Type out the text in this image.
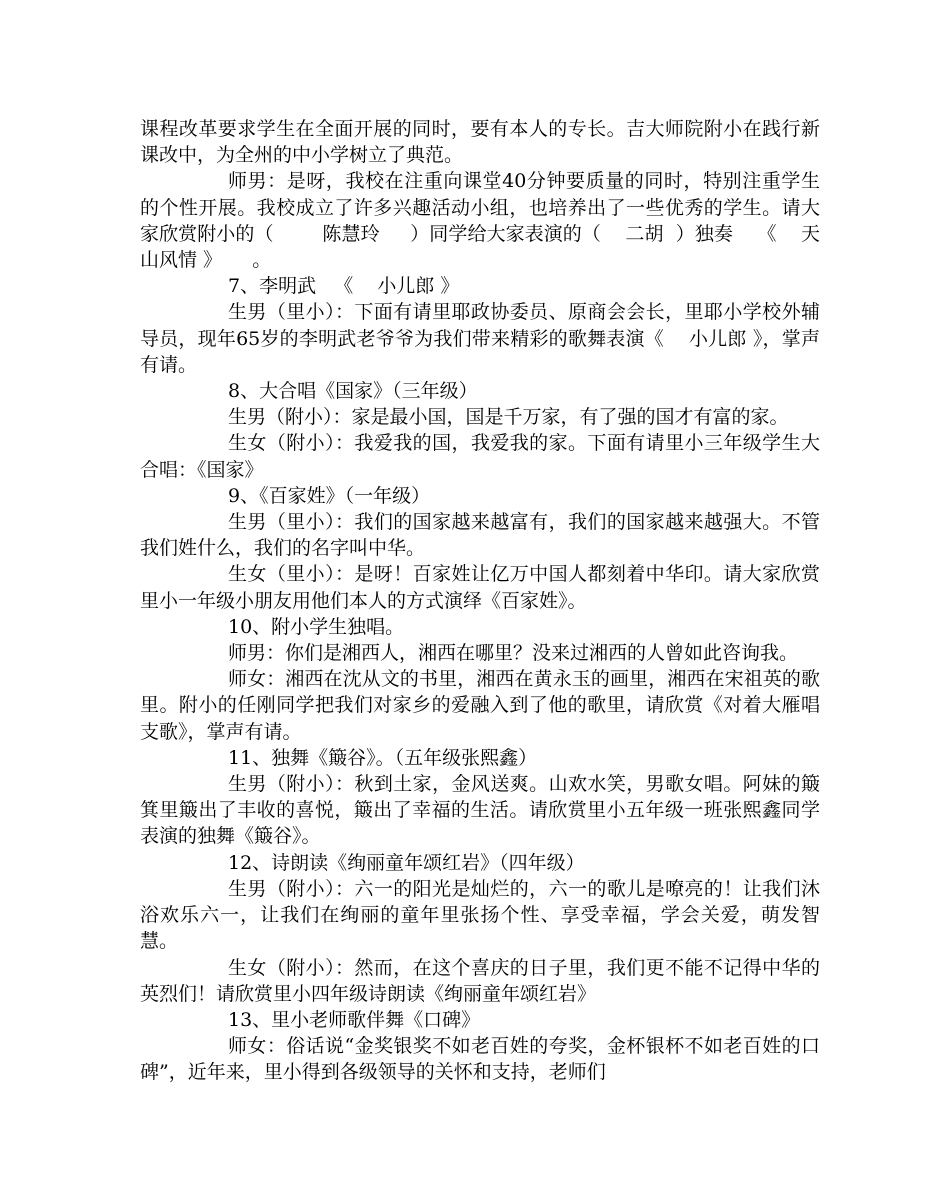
课程改革要求学生在全面开展的同时，要有本人的专长。吉大师院附小在践行新课改中，为全州的中小学树立了典范。

师男：是呀，我校在注重向课堂40分钟要质量的同时，特别注重学生的个性开展。我校成立了许多兴趣活动小组，也培养出了一些优秀的学生。请大家欣赏附小的（        陈慧玲     ）同学给大家表演的（    二胡  ）独奏    《    天山风情 》     。

7、李明武   《    小儿郎 》

生男（里小）：下面有请里耶政协委员、原商会会长，里耶小学校外辅导员，现年65岁的李明武老爷爷为我们带来精彩的歌舞表演《    小儿郎 》，掌声有请。

8、大合唱《国家》（三年级）

生男（附小）：家是最小国，国是千万家，有了强的国才有富的家。

生女（附小）：我爱我的国，我爱我的家。下面有请里小三年级学生大合唱：《国家》

9、《百家姓》（一年级）

生男（里小）：我们的国家越来越富有，我们的国家越来越强大。不管我们姓什么，我们的名字叫中华。

生女（里小）：是呀！百家姓让亿万中国人都刻着中华印。请大家欣赏里小一年级小朋友用他们本人的方式演绎《百家姓》。

10、附小学生独唱。

师男：你们是湘西人，湘西在哪里？没来过湘西的人曾如此咨询我。

师女：湘西在沈从文的书里，湘西在黄永玉的画里，湘西在宋祖英的歌里。附小的任刚同学把我们对家乡的爱融入到了他的歌里，请欣赏《对着大雁唱支歌》，掌声有请。

11、独舞《簸谷》。（五年级张熙鑫）

生男（附小）：秋到土家，金风送爽。山欢水笑，男歌女唱。阿妹的簸箕里簸出了丰收的喜悦，簸出了幸福的生活。请欣赏里小五年级一班张熙鑫同学表演的独舞《簸谷》。

12、诗朗读《绚丽童年颂红岩》（四年级）

生男（附小）：六一的阳光是灿烂的，六一的歌儿是嘹亮的！让我们沐浴欢乐六一，让我们在绚丽的童年里张扬个性、享受幸福，学会关爱，萌发智慧。

生女（附小）：然而，在这个喜庆的日子里，我们更不能不记得中华的英烈们！请欣赏里小四年级诗朗读《绚丽童年颂红岩》

13、里小老师歌伴舞《口碑》

师女：俗话说“金奖银奖不如老百姓的夸奖，金杯银杯不如老百姓的口碑”，近年来，里小得到各级领导的关怀和支持，老师们
